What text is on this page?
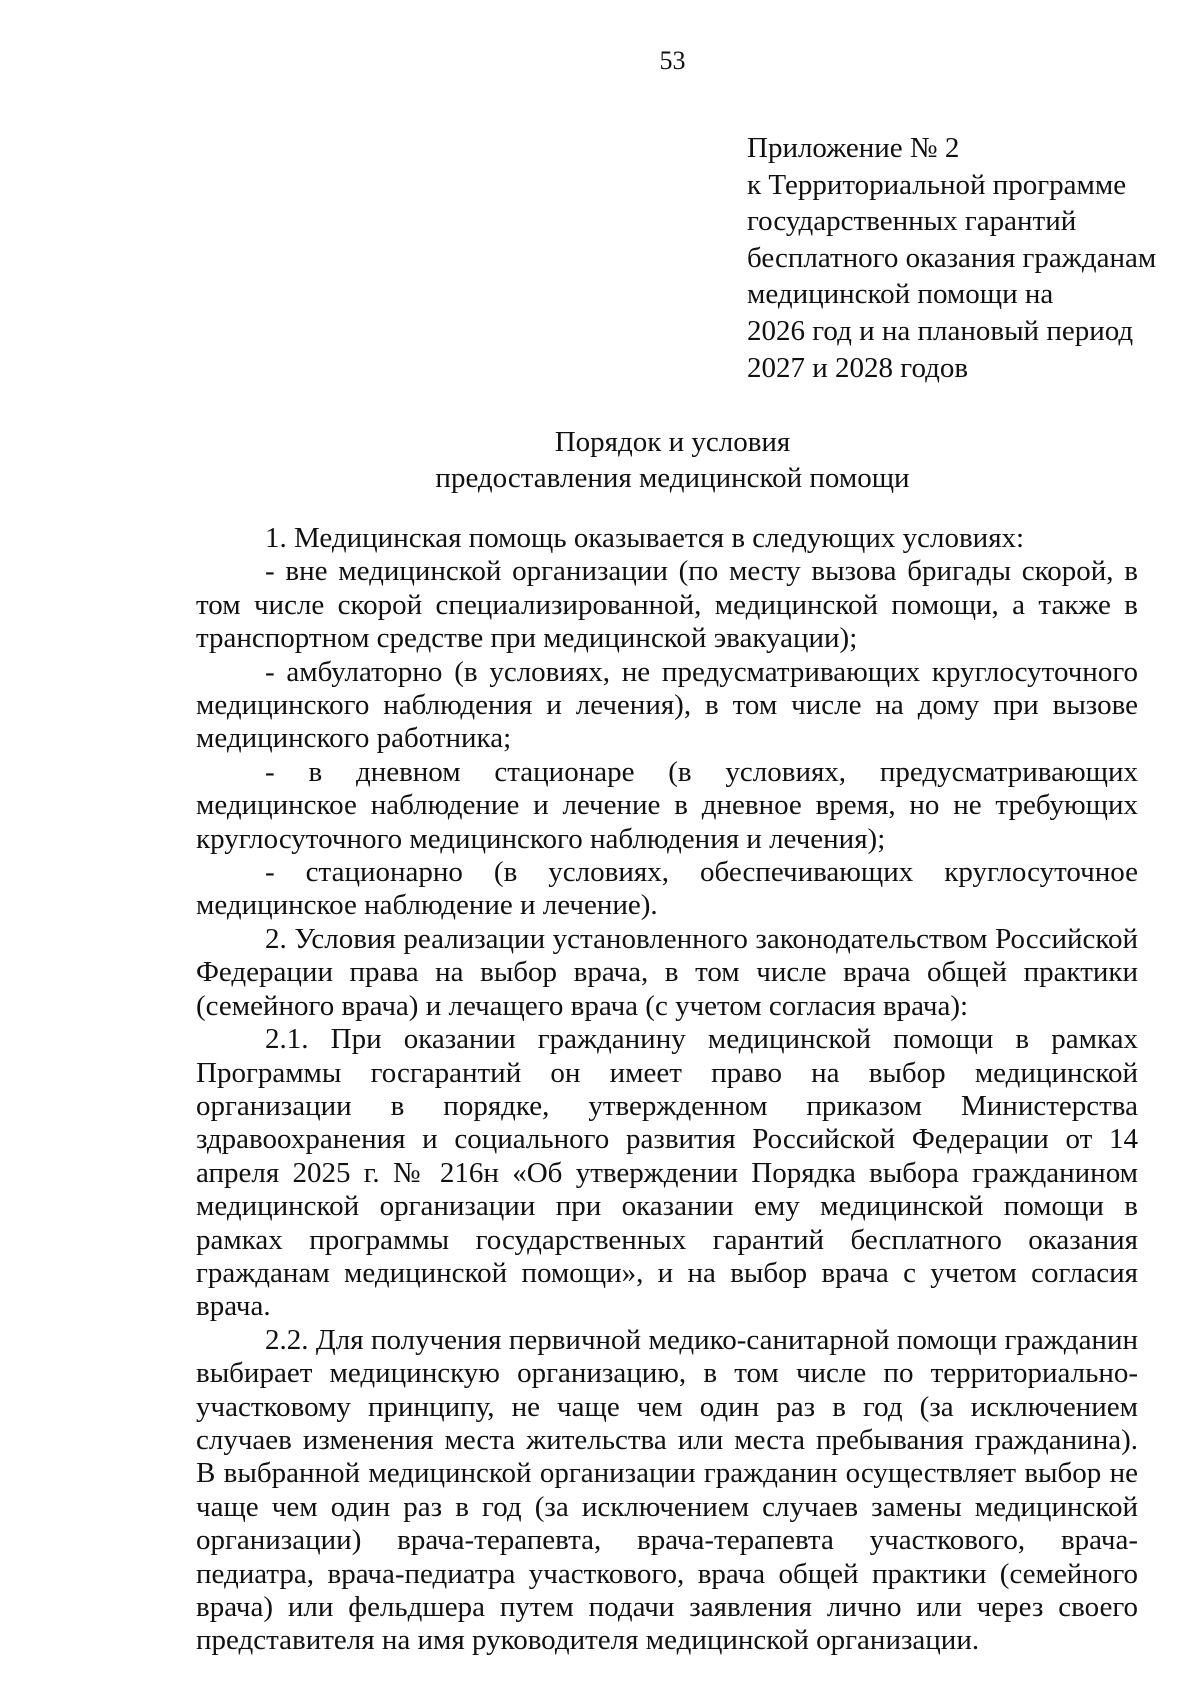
53
Приложение № 2
к Территориальной программе
государственных гарантий
бесплатного оказания гражданам
медицинской помощи на
2026 год и на плановый период
2027 и 2028 годов
Порядок и условия
предоставления медицинской помощи

1. Медицинская помощь оказывается в следующих условиях:

- вне медицинской организации (по месту вызова бригады скорой, в том числе скорой специализированной, медицинской помощи, а также в транспортном средстве при медицинской эвакуации);

- амбулаторно (в условиях, не предусматривающих круглосуточного медицинского наблюдения и лечения), в том числе на дому при вызове медицинского работника;

- в дневном стационаре (в условиях, предусматривающих медицинское наблюдение и лечение в дневное время, но не требующих круглосуточного медицинского наблюдения и лечения);

- стационарно (в условиях, обеспечивающих круглосуточное медицинское наблюдение и лечение).

2. Условия реализации установленного законодательством Российской Федерации права на выбор врача, в том числе врача общей практики (семейного врача) и лечащего врача (с учетом согласия врача):

2.1. При оказании гражданину медицинской помощи в рамках Программы госгарантий он имеет право на выбор медицинской организации в порядке, утвержденном приказом Министерства здравоохранения и социального развития Российской Федерации от 14 апреля 2025 г. № 216н «Об утверждении Порядка выбора гражданином медицинской организации при оказании ему медицинской помощи в рамках программы государственных гарантий бесплатного оказания гражданам медицинской помощи», и на выбор врача с учетом согласия врача.

2.2. Для получения первичной медико-санитарной помощи гражданин выбирает медицинскую организацию, в том числе по территориально-участковому принципу, не чаще чем один раз в год (за исключением случаев изменения места жительства или места пребывания гражданина). В выбранной медицинской организации гражданин осуществляет выбор не чаще чем один раз в год (за исключением случаев замены медицинской организации) врача-терапевта, врача-терапевта участкового, врача-педиатра, врача-педиатра участкового, врача общей практики (семейного врача) или фельдшера путем подачи заявления лично или через своего представителя на имя руководителя медицинской организации.
